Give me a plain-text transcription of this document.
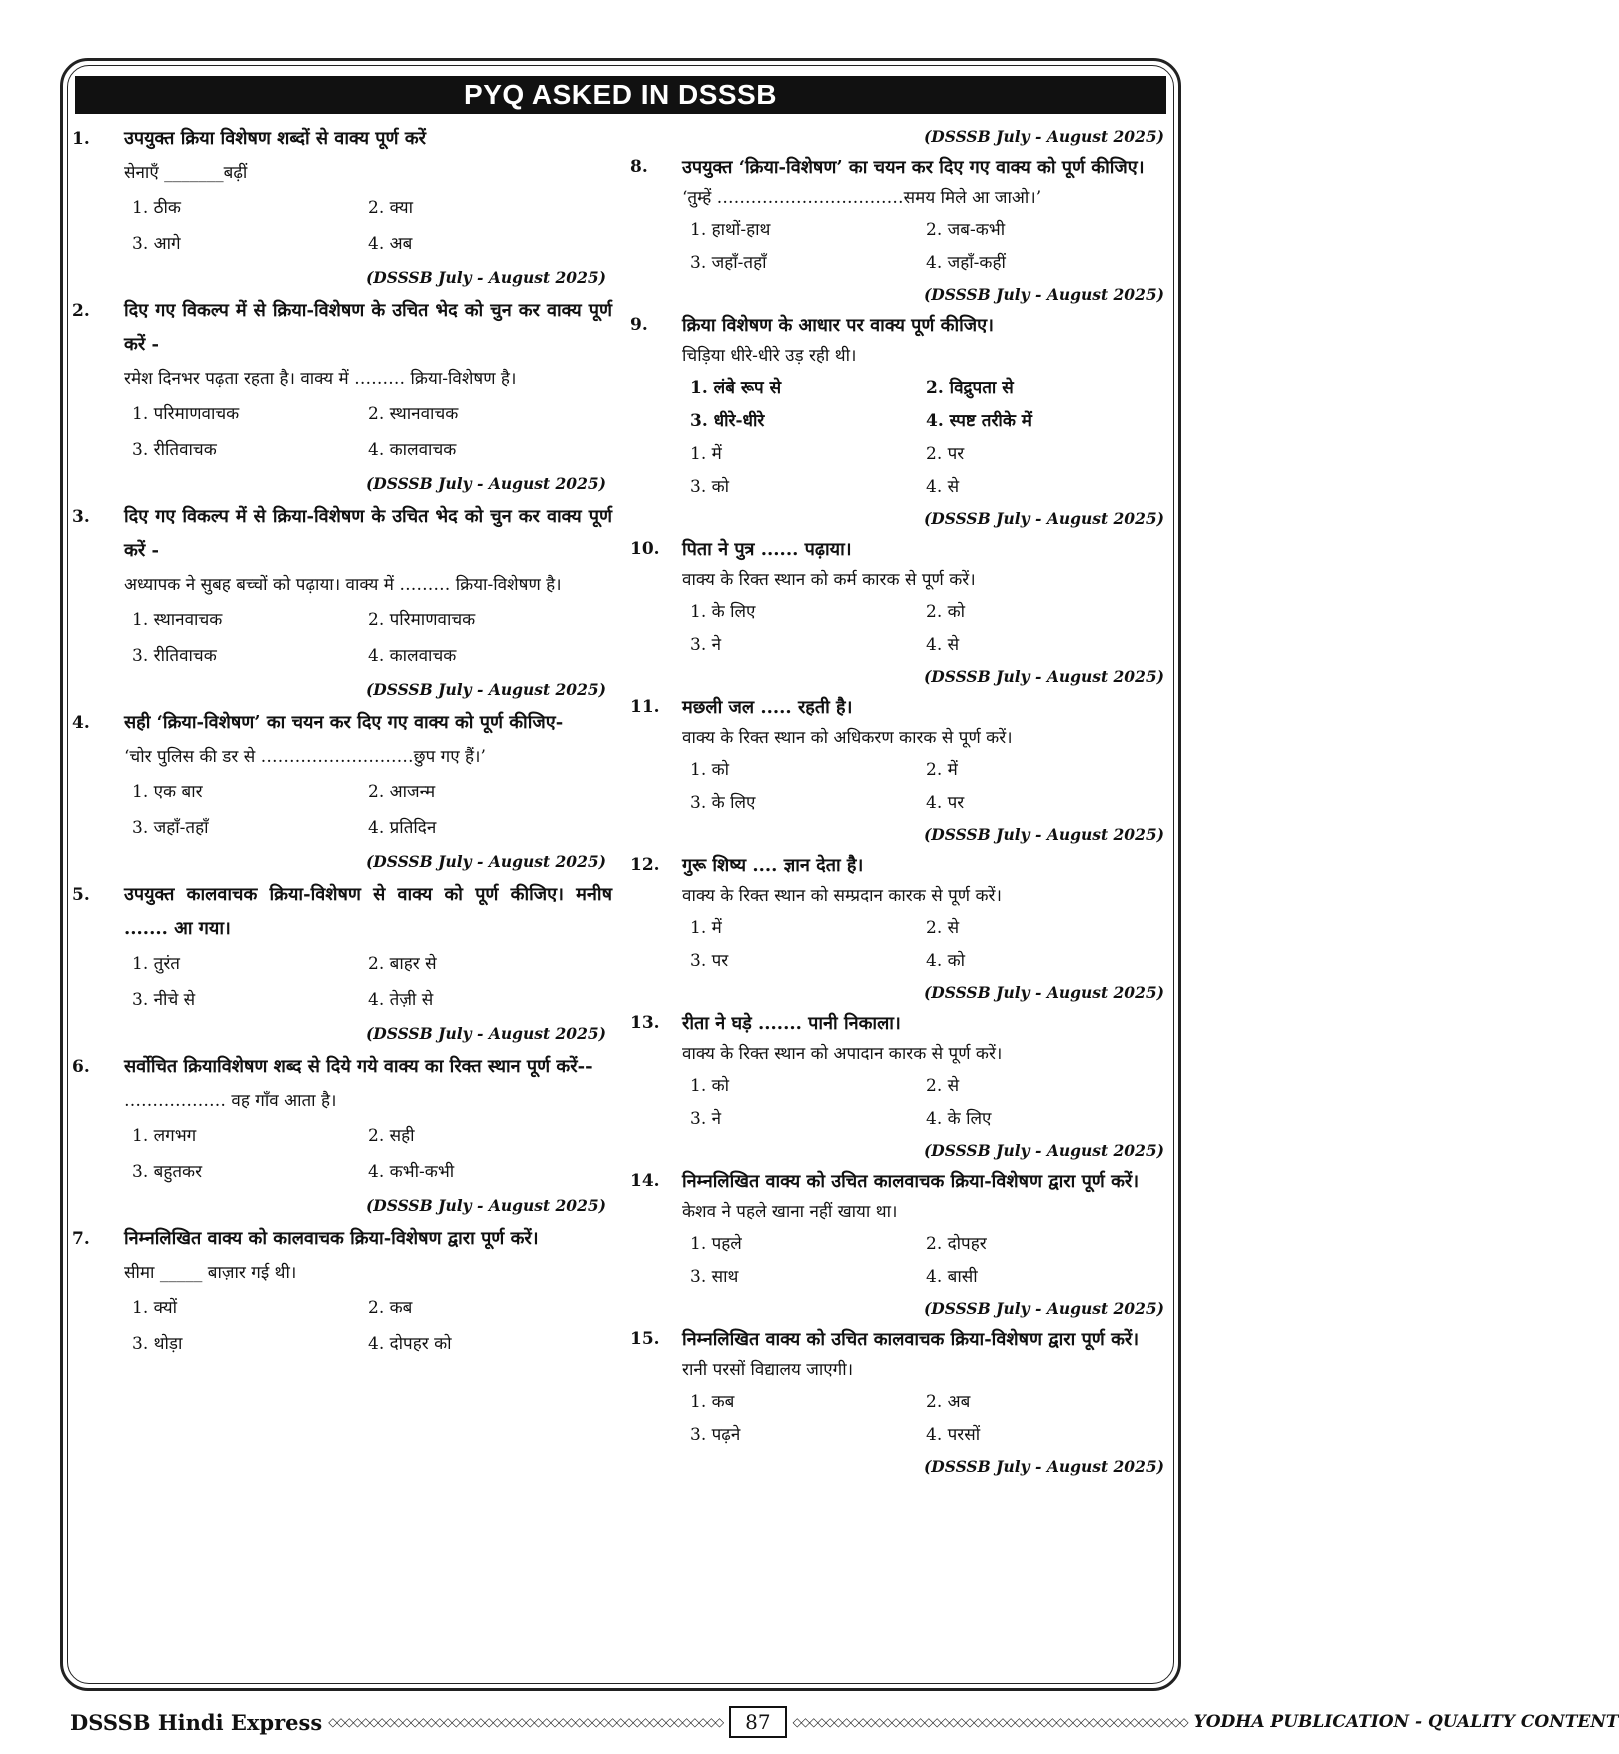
PYQ ASKED IN DSSSB
1.	उपयुक्त क्रिया विशेषण शब्दों से वाक्य पूर्ण करें
सेनाएँ _______बढ़ीं
1. ठीक	2. क्या
3. आगे	4. अब
(DSSSB July - August 2025)
2.	दिए गए विकल्प में से क्रिया-विशेषण के उचित भेद को चुन कर वाक्य पूर्ण करें -
रमेश दिनभर पढ़ता रहता है। वाक्य में ……… क्रिया-विशेषण है।
1. परिमाणवाचक	2. स्थानवाचक
3. रीतिवाचक	4. कालवाचक
(DSSSB July - August 2025)
3.	दिए गए विकल्प में से क्रिया-विशेषण के उचित भेद को चुन कर वाक्य पूर्ण करें -
अध्यापक ने सुबह बच्चों को पढ़ाया। वाक्य में ……… क्रिया-विशेषण है।
1. स्थानवाचक	2. परिमाणवाचक
3. रीतिवाचक	4. कालवाचक
(DSSSB July - August 2025)
4.	सही ‘क्रिया-विशेषण’ का चयन कर दिए गए वाक्य को पूर्ण कीजिए-
‘चोर पुलिस की डर से ………………………छुप गए हैं।’
1. एक बार	2. आजन्म
3. जहाँ-तहाँ	4. प्रतिदिन
(DSSSB July - August 2025)
5.	उपयुक्त कालवाचक क्रिया-विशेषण से वाक्य को पूर्ण कीजिए। मनीष ....... आ गया।
1. तुरंत	2. बाहर से
3. नीचे से	4. तेज़ी से
(DSSSB July - August 2025)
6.	सर्वोचित क्रियाविशेषण शब्द से दिये गये वाक्य का रिक्त स्थान पूर्ण करें--
……………… वह गाँव आता है।
1. लगभग	2. सही
3. बहुतकर	4. कभी-कभी
(DSSSB July - August 2025)
7.	निम्नलिखित वाक्य को कालवाचक क्रिया-विशेषण द्वारा पूर्ण करें।
सीमा _____ बाज़ार गई थी।
1. क्यों	2. कब
3. थोड़ा	4. दोपहर को
(DSSSB July - August 2025)
8.	उपयुक्त ‘क्रिया-विशेषण’ का चयन कर दिए गए वाक्य को पूर्ण कीजिए।
‘तुम्हें ……………………………समय मिले आ जाओ।’
1. हाथों-हाथ	2. जब-कभी
3. जहाँ-तहाँ	4. जहाँ-कहीं
(DSSSB July - August 2025)
9.	क्रिया विशेषण के आधार पर वाक्य पूर्ण कीजिए।
चिड़िया धीरे-धीरे उड़ रही थी।
1. लंबे रूप से	2. विद्रुपता से
3. धीरे-धीरे	4. स्पष्ट तरीके में
1. में	2. पर
3. को	4. से
(DSSSB July - August 2025)
10.	पिता ने पुत्र ...... पढ़ाया।
वाक्य के रिक्त स्थान को कर्म कारक से पूर्ण करें।
1. के लिए	2. को
3. ने	4. से
(DSSSB July - August 2025)
11.	मछली जल ..... रहती है।
वाक्य के रिक्त स्थान को अधिकरण कारक से पूर्ण करें।
1. को	2. में
3. के लिए	4. पर
(DSSSB July - August 2025)
12.	गुरू शिष्य .... ज्ञान देता है।
वाक्य के रिक्त स्थान को सम्प्रदान कारक से पूर्ण करें।
1. में	2. से
3. पर	4. को
(DSSSB July - August 2025)
13.	रीता ने घड़े ....... पानी निकाला।
वाक्य के रिक्त स्थान को अपादान कारक से पूर्ण करें।
1. को	2. से
3. ने	4. के लिए
(DSSSB July - August 2025)
14.	निम्नलिखित वाक्य को उचित कालवाचक क्रिया-विशेषण द्वारा पूर्ण करें।
केशव ने पहले खाना नहीं खाया था।
1. पहले	2. दोपहर
3. साथ	4. बासी
(DSSSB July - August 2025)
15.	निम्नलिखित वाक्य को उचित कालवाचक क्रिया-विशेषण द्वारा पूर्ण करें।
रानी परसों विद्यालय जाएगी।
1. कब	2. अब
3. पढ़ने	4. परसों
(DSSSB July - August 2025)
DSSSB Hindi Express ◇◇◇◇◇◇◇◇◇◇◇◇◇◇◇◇◇◇◇◇◇◇◇◇◇◇◇◇◇◇◇◇◇◇◇◇◇◇◇◇◇◇◇◇◇◇◇◇	87	◇◇◇◇◇◇◇◇◇◇◇◇◇◇◇◇◇◇◇◇◇◇◇◇◇◇◇◇◇◇◇◇◇◇◇◇◇◇◇◇◇◇◇◇◇◇◇◇ YODHA PUBLICATION - QUALITY CONTENT
